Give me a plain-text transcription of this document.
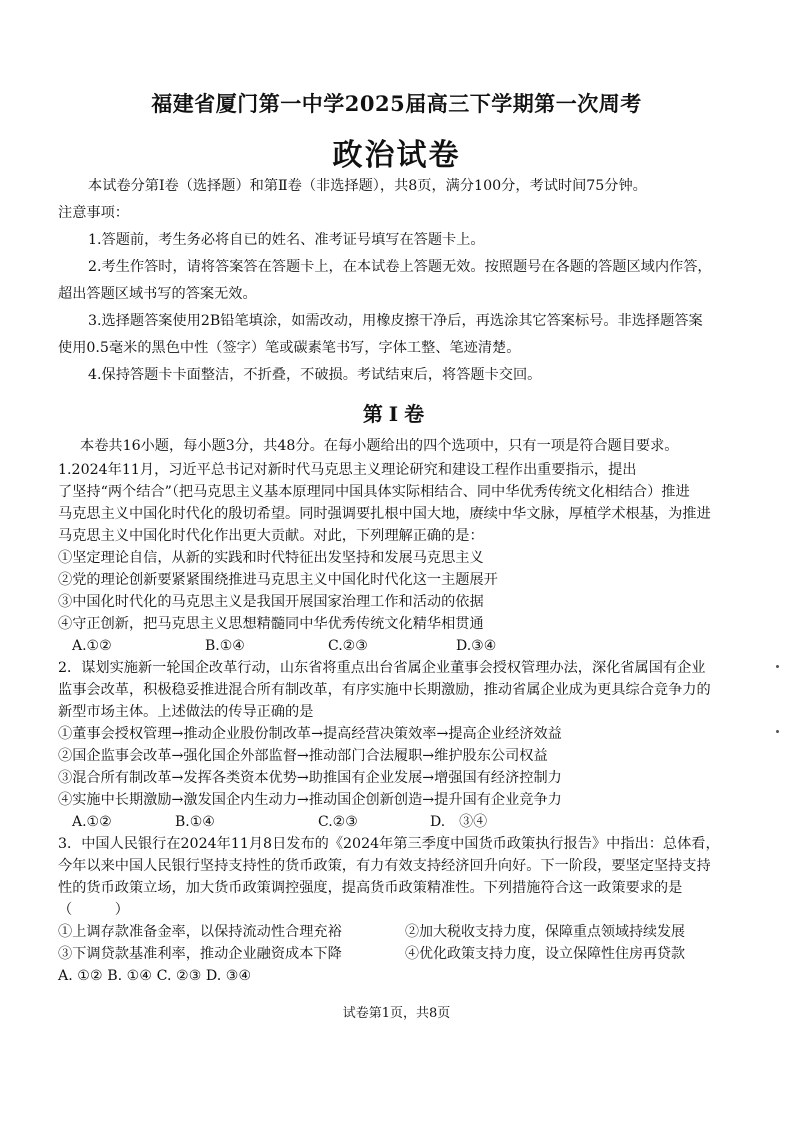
福建省厦门第一中学2025届高三下学期第一次周考
政治试卷
本试卷分第Ⅰ卷（选择题）和第Ⅱ卷（非选择题），共8页，满分100分，考试时间75分钟。
注意事项：
1.答题前，考生务必将自已的姓名、准考证号填写在答题卡上。
2.考生作答时，请将答案答在答题卡上，在本试卷上答题无效。按照题号在各题的答题区域内作答，
超出答题区域书写的答案无效。
3.选择题答案使用2B铅笔填涂，如需改动，用橡皮擦干净后，再选涂其它答案标号。非选择题答案
使用0.5毫米的黑色中性（签字）笔或碳素笔书写，字体工整、笔迹清楚。
4.保持答题卡卡面整洁，不折叠，不破损。考试结束后，将答题卡交回。
第Ⅰ卷
本卷共16小题，每小题3分，共48分。在每小题给出的四个选项中，只有一项是符合题目要求。
1.2024年11月，习近平总书记对新时代马克思主义理论研究和建设工程作出重要指示，提出
了坚持“两个结合”（把马克思主义基本原理同中国具体实际相结合、同中华优秀传统文化相结合）推进
马克思主义中国化时代化的殷切希望。同时强调要扎根中国大地，赓续中华文脉，厚植学术根基，为推进
马克思主义中国化时代化作出更大贡献。对此，下列理解正确的是：
①坚定理论自信，从新的实践和时代特征出发坚持和发展马克思主义
②党的理论创新要紧紧围绕推进马克思主义中国化时代化这一主题展开
③中国化时代化的马克思主义是我国开展国家治理工作和活动的依据
④守正创新，把马克思主义思想精髓同中华优秀传统文化精华相贯通
A.①②	B.①④	C.②③	D.③④
2．谋划实施新一轮国企改革行动，山东省将重点出台省属企业董事会授权管理办法，深化省属国有企业
监事会改革，积极稳妥推进混合所有制改革，有序实施中长期激励，推动省属企业成为更具综合竞争力的
新型市场主体。上述做法的传导正确的是
①董事会授权管理→推动企业股份制改革→提高经营决策效率→提高企业经济效益
②国企监事会改革→强化国企外部监督→推动部门合法履职→维护股东公司权益
③混合所有制改革→发挥各类资本优势→助推国有企业发展→增强国有经济控制力
④实施中长期激励→激发国企内生动力→推动国企创新创造→提升国有企业竞争力
A.①②	B.①④	C.②③	D.　③④
3．中国人民银行在2024年11月8日发布的《2024年第三季度中国货币政策执行报告》中指出：总体看，
今年以来中国人民银行坚持支持性的货币政策，有力有效支持经济回升向好。下一阶段，要坚定坚持支持
性的货币政策立场，加大货币政策调控强度，提高货币政策精准性。下列措施符合这一政策要求的是
（　　　）
①上调存款准备金率，以保持流动性合理充裕	②加大税收支持力度，保障重点领域持续发展
③下调贷款基准利率，推动企业融资成本下降	④优化政策支持力度，设立保障性住房再贷款
A. ①② B. ①④ C. ②③ D. ③④
试卷第1页，共8页
